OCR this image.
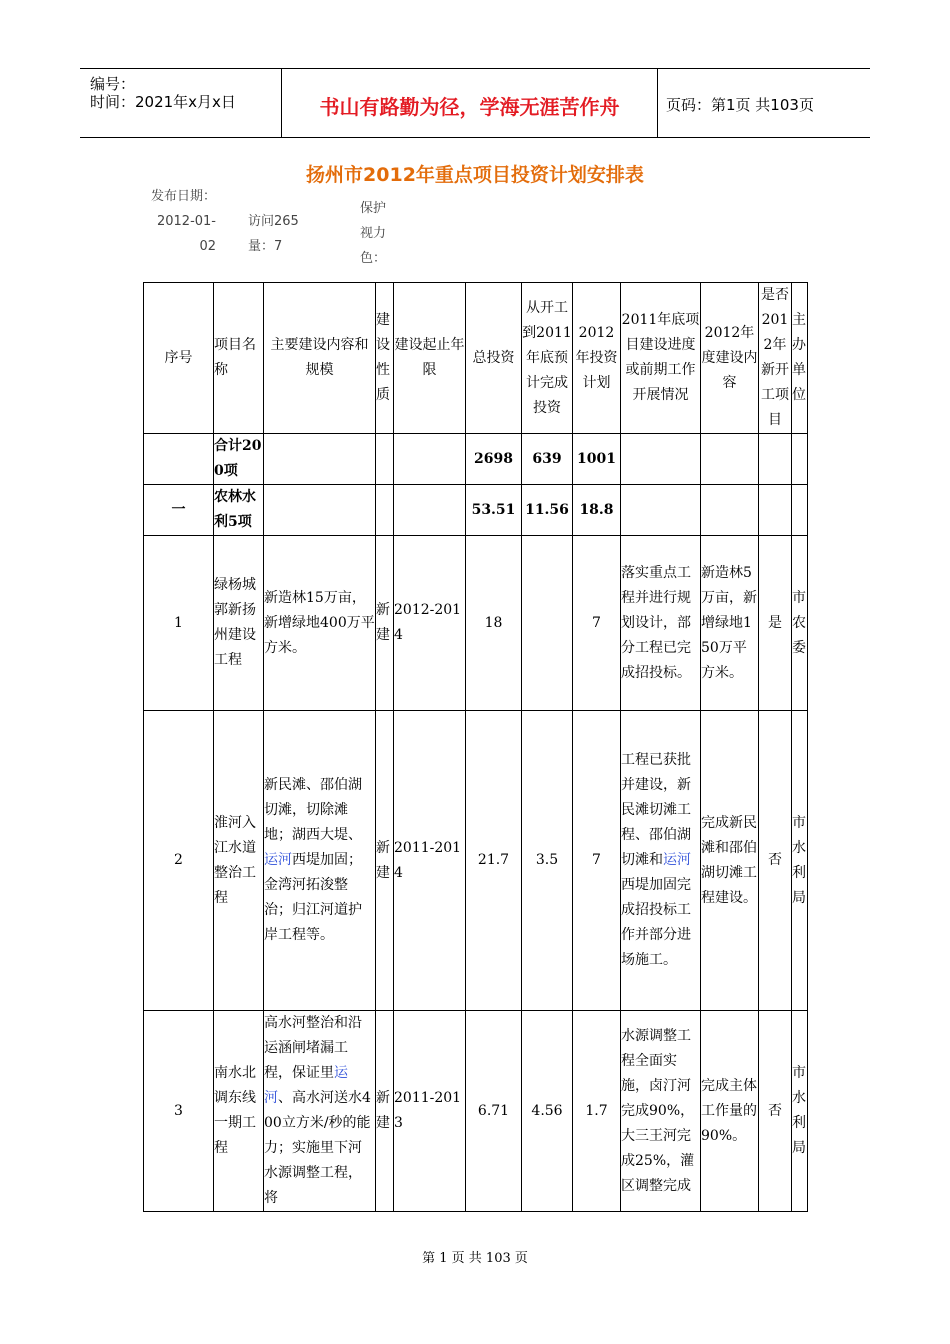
编号：
时间：2021年x月x日	书山有路勤为径，学海无涯苦作舟	页码：第1页 共103页
扬州市2012年重点项目投资计划安排表
发布日期：2012-01-02
访问265量：7
保护视力色：
序号	项目名称	主要建设内容和规模	建设性质	建设起止年限	总投资	从开工到2011年底预计完成投资	2012年投资计划	2011年底项目建设进度或前期工作开展情况	2012年度建设内容	是否2012年新开工项目	主办单位
	合计200项				2698	639	1001				
一	农林水利5项				53.51	11.56	18.8				
1	绿杨城郭新扬州建设工程	新造林15万亩，新增绿地400万平方米。	新建	2012-2014	18		7	落实重点工程并进行规划设计，部分工程已完成招投标。	新造林5万亩，新增绿地150万平方米。	是	市农委
2	淮河入江水道整治工程	新民滩、邵伯湖切滩，切除滩地；湖西大堤、运河西堤加固；金湾河拓浚整治；归江河道护岸工程等。	新建	2011-2014	21.7	3.5	7	工程已获批并建设，新民滩切滩工程、邵伯湖切滩和运河西堤加固完成招投标工作并部分进场施工。	完成新民滩和邵伯湖切滩工程建设。	否	市水利局
3	南水北调东线一期工程	高水河整治和沿运涵闸堵漏工程，保证里运河、高水河送水400立方米/秒的能力；实施里下河水源调整工程，将	新建	2011-2013	6.71	4.56	1.7	水源调整工程全面实施，卤汀河完成90%，大三王河完成25%，灌区调整完成	完成主体工作量的90%。	否	市水利局
第 1 页 共 103 页
